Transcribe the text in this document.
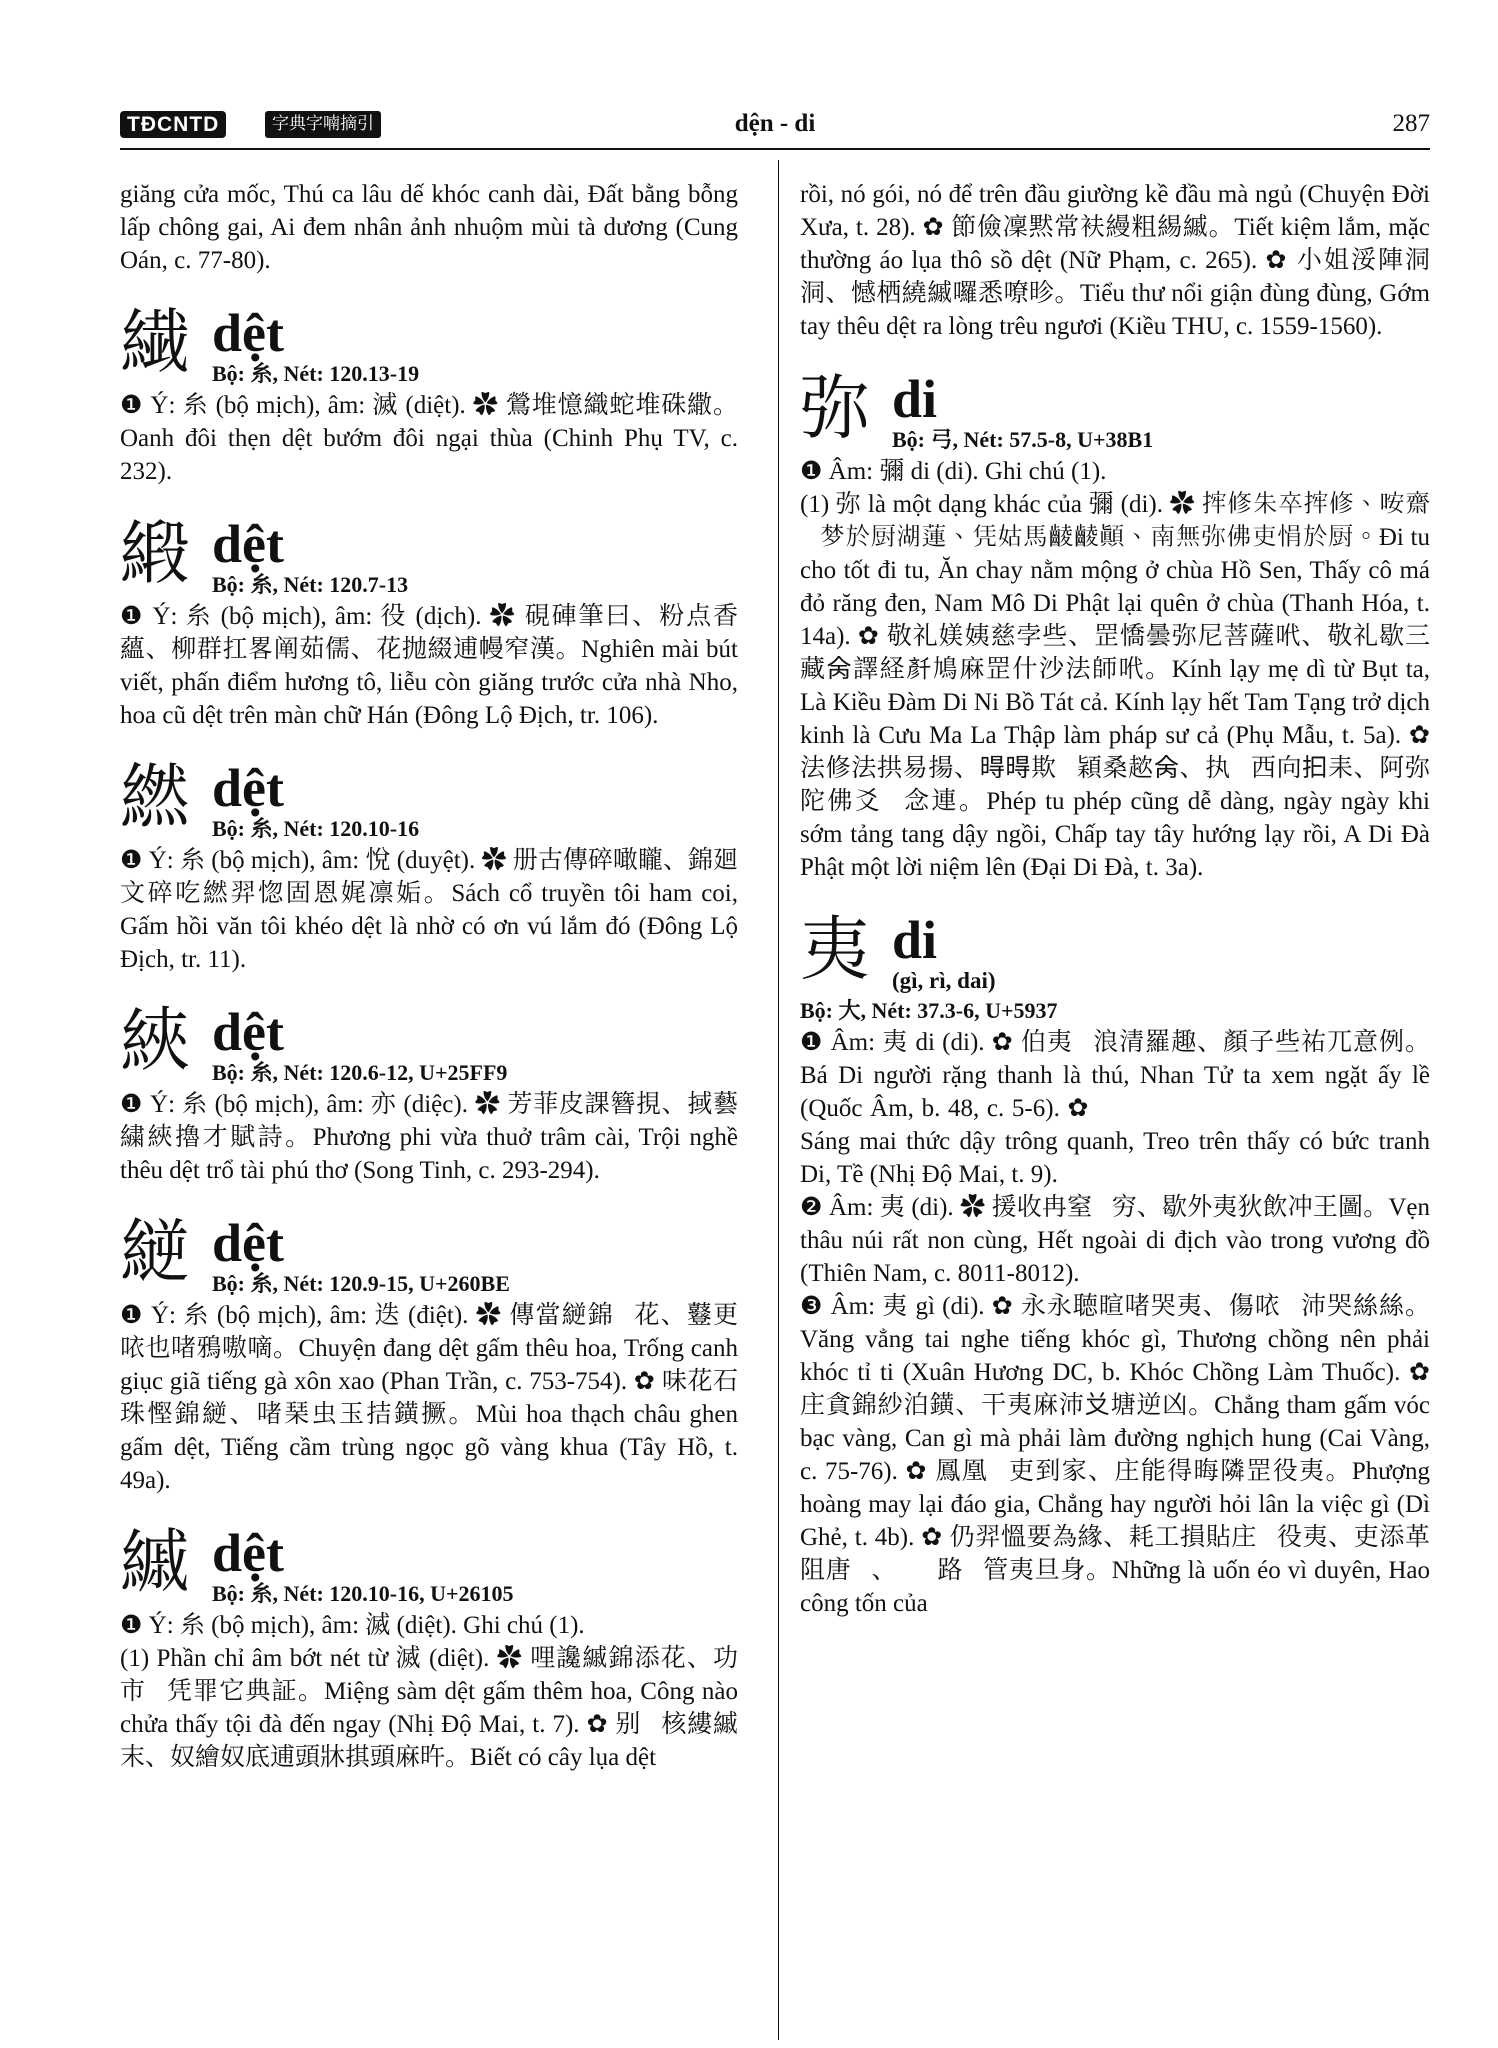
TĐCNTD	字典字喃摘引	dện - di	287

giăng cửa mốc, Thú ca lâu dế khóc canh dài, Đất bằng bỗng lấp chông gai, Ai đem nhân ảnh nhuộm mùi tà dương (Cung Oán, c. 77-80).

繊 dệt
Bộ: 糸, Nét: 120.13-19

❶ Ý: 糸 (bộ mịch), âm: 滅 (diệt). ✿ 鶯堆憶織蛇堆硃繖。Oanh đôi thẹn dệt bướm đôi ngại thùa (Chinh Phụ TV, c. 232).

緞 dệt
Bộ: 糸, Nét: 120.7-13

❶ Ý: 糸 (bộ mịch), âm: 役 (dịch). ✿ 硯硨筆曰、粉点香蘊、柳群扛畧阐茹儒、花抛綴逋幔窄漢。Nghiên mài bút viết, phấn điểm hương tô, liễu còn giăng trước cửa nhà Nho, hoa cũ dệt trên màn chữ Hán (Đông Lộ Địch, tr. 106).

繎 dệt
Bộ: 糸, Nét: 120.10-16

❶ Ý: 糸 (bộ mịch), âm: 悅 (duyệt). ✿ 册古傳碎噉矓、錦廻文碎吃繎羿惚固恩娓凛姤。Sách cổ truyền tôi ham coi, Gấm hồi văn tôi khéo dệt là nhờ có ơn vú lắm đó (Đông Lộ Địch, tr. 11).

綊 dệt
Bộ: 糸, Nét: 120.6-12, U+25FF9

❶ Ý: 糸 (bộ mịch), âm: 亦 (diệc). ✿ 芳菲皮課簪挸、掝藝繍綊擼才賦詩。Phương phi vừa thuở trâm cài, Trội nghề thêu dệt trổ tài phú thơ (Song Tinh, c. 293-294).

縌 dệt
Bộ: 糸, Nét: 120.9-15, U+260BE

❶ Ý: 糸 (bộ mịch), âm: 迭 (điệt). ✿ 傳當縌錦𦾛花、鼟更𠲖也啫鴉嗷嘀。Chuyện đang dệt gấm thêu hoa, Trống canh giục giã tiếng gà xôn xao (Phan Trần, c. 753-754). ✿ 味花石珠慳錦縌、啫琹虫玉拮鐄撅。Mùi hoa thạch châu ghen gấm dệt, Tiếng cầm trùng ngọc gõ vàng khua (Tây Hồ, t. 49a).

縬 dệt
Bộ: 糸, Nét: 120.10-16, U+26105

❶ Ý: 糸 (bộ mịch), âm: 滅 (diệt). Ghi chú (1).

(1) Phần chỉ âm bớt nét từ 滅 (diệt). ✿ 哩讒縬錦添花、功市𤎚凭罪它典証。Miệng sàm dệt gấm thêm hoa, Công nào chửa thấy tội đà đến ngay (Nhị Độ Mai, t. 7). ✿ 别𣘃核縷縬末、奴繪奴底逋頭牀掑頭麻旿。Biết có cây lụa dệt

rồi, nó gói, nó để trên đầu giường kề đầu mà ngủ (Chuyện Đời Xưa, t. 28). ✿ 節儉凜黙常衭縵粗緆縬。Tiết kiệm lắm, mặc thường áo lụa thô sồ dệt (Nữ Phạm, c. 265). ✿ 小姐浽陣洞洞、憾栖繞縬囉悉嘹昣。Tiểu thư nổi giận đùng đùng, Gớm tay thêu dệt ra lòng trêu ngươi (Kiều THU, c. 1559-1560).

弥 di
Bộ: 弓, Nét: 57.5-8, U+38B1

❶ Âm: 彌 di (di). Ghi chú (1).

(1) 弥 là một dạng khác của 彌 (di). ✿ 𢭂修朱卒𢭂修、咹齋𣎃梦於厨湖蓮、凭姑馬𪘵𪘵顛、南無弥佛吏悁於厨。Đi tu cho tốt đi tu, Ăn chay nằm mộng ở chùa Hồ Sen, Thấy cô má đỏ răng đen, Nam Mô Di Phật lại quên ở chùa (Thanh Hóa, t. 14a). ✿ 敬礼媄姨慈孛些、罡憍曇弥尼菩薩𠰺、敬礼歇三藏𠇮譯経𠦳鳩麻罡什沙法師𠰺。Kính lạy mẹ dì từ Bụt ta, Là Kiều Đàm Di Ni Bồ Tát cả. Kính lạy hết Tam Tạng trở dịch kinh là Cưu Ma La Thập làm pháp sư cả (Phụ Mẫu, t. 5a). ✿ 法修法拱易揚、𣈜𣈜欺𣌒穎桑趑𠇮、执𢬣西向𢪏耒、阿弥陀佛爻𠯇念連。Phép tu phép cũng dễ dàng, ngày ngày khi sớm tảng tang dậy ngồi, Chấp tay tây hướng lạy rồi, A Di Đà Phật một lời niệm lên (Đại Di Đà, t. 3a).

夷 di
(gì, rì, dai)
Bộ: 大, Nét: 37.3-6, U+5937

❶ Âm: 夷 di (di). ✿ 伯夷𢚸浪清羅趣、顏子些祐兀意例。Bá Di người rặng thanh là thú, Nhan Tử ta xem ngặt ấy lề (Quốc Âm, b. 48, c. 5-6). ✿ 𣋚𣌒賦趑𥆾挑、撩逋凭固幅𡀳夷齊。Sáng mai thức dậy trông quanh, Treo trên thấy có bức tranh Di, Tề (Nhị Độ Mai, t. 9).

❷ Âm: 夷 (di). ✿ 援收冉窒𡽫穷、歇外夷狄飲冲王圖。Vẹn thâu núi rất non cùng, Hết ngoài di địch vào trong vương đồ (Thiên Nam, c. 8011-8012).

❸ Âm: 夷 gì (di). ✿ 永永聴暄啫哭夷、傷𠲖𠤆沛哭絲絲。Văng vẳng tai nghe tiếng khóc gì, Thương chồng nên phải khóc tỉ ti (Xuân Hương DC, b. Khóc Chồng Làm Thuốc). ✿ 庄貪錦紗泊鐄、干夷麻沛𠬠塘逆凶。Chẳng tham gấm vóc bạc vàng, Can gì mà phải làm đường nghịch hung (Cai Vàng, c. 75-76). ✿ 鳳凰𧴱吏到家、庄能得晦隣罡役夷。Phượng hoàng may lại đáo gia, Chẳng hay người hỏi lân la việc gì (Dì Ghẻ, t. 4b). ✿ 仍羿慍要為緣、耗工損貼庄𠤆役夷、吏添革阻唐𢭂、𨆢𡽫路𣻆管夷旦身。Những là uốn éo vì duyên, Hao công tốn của
